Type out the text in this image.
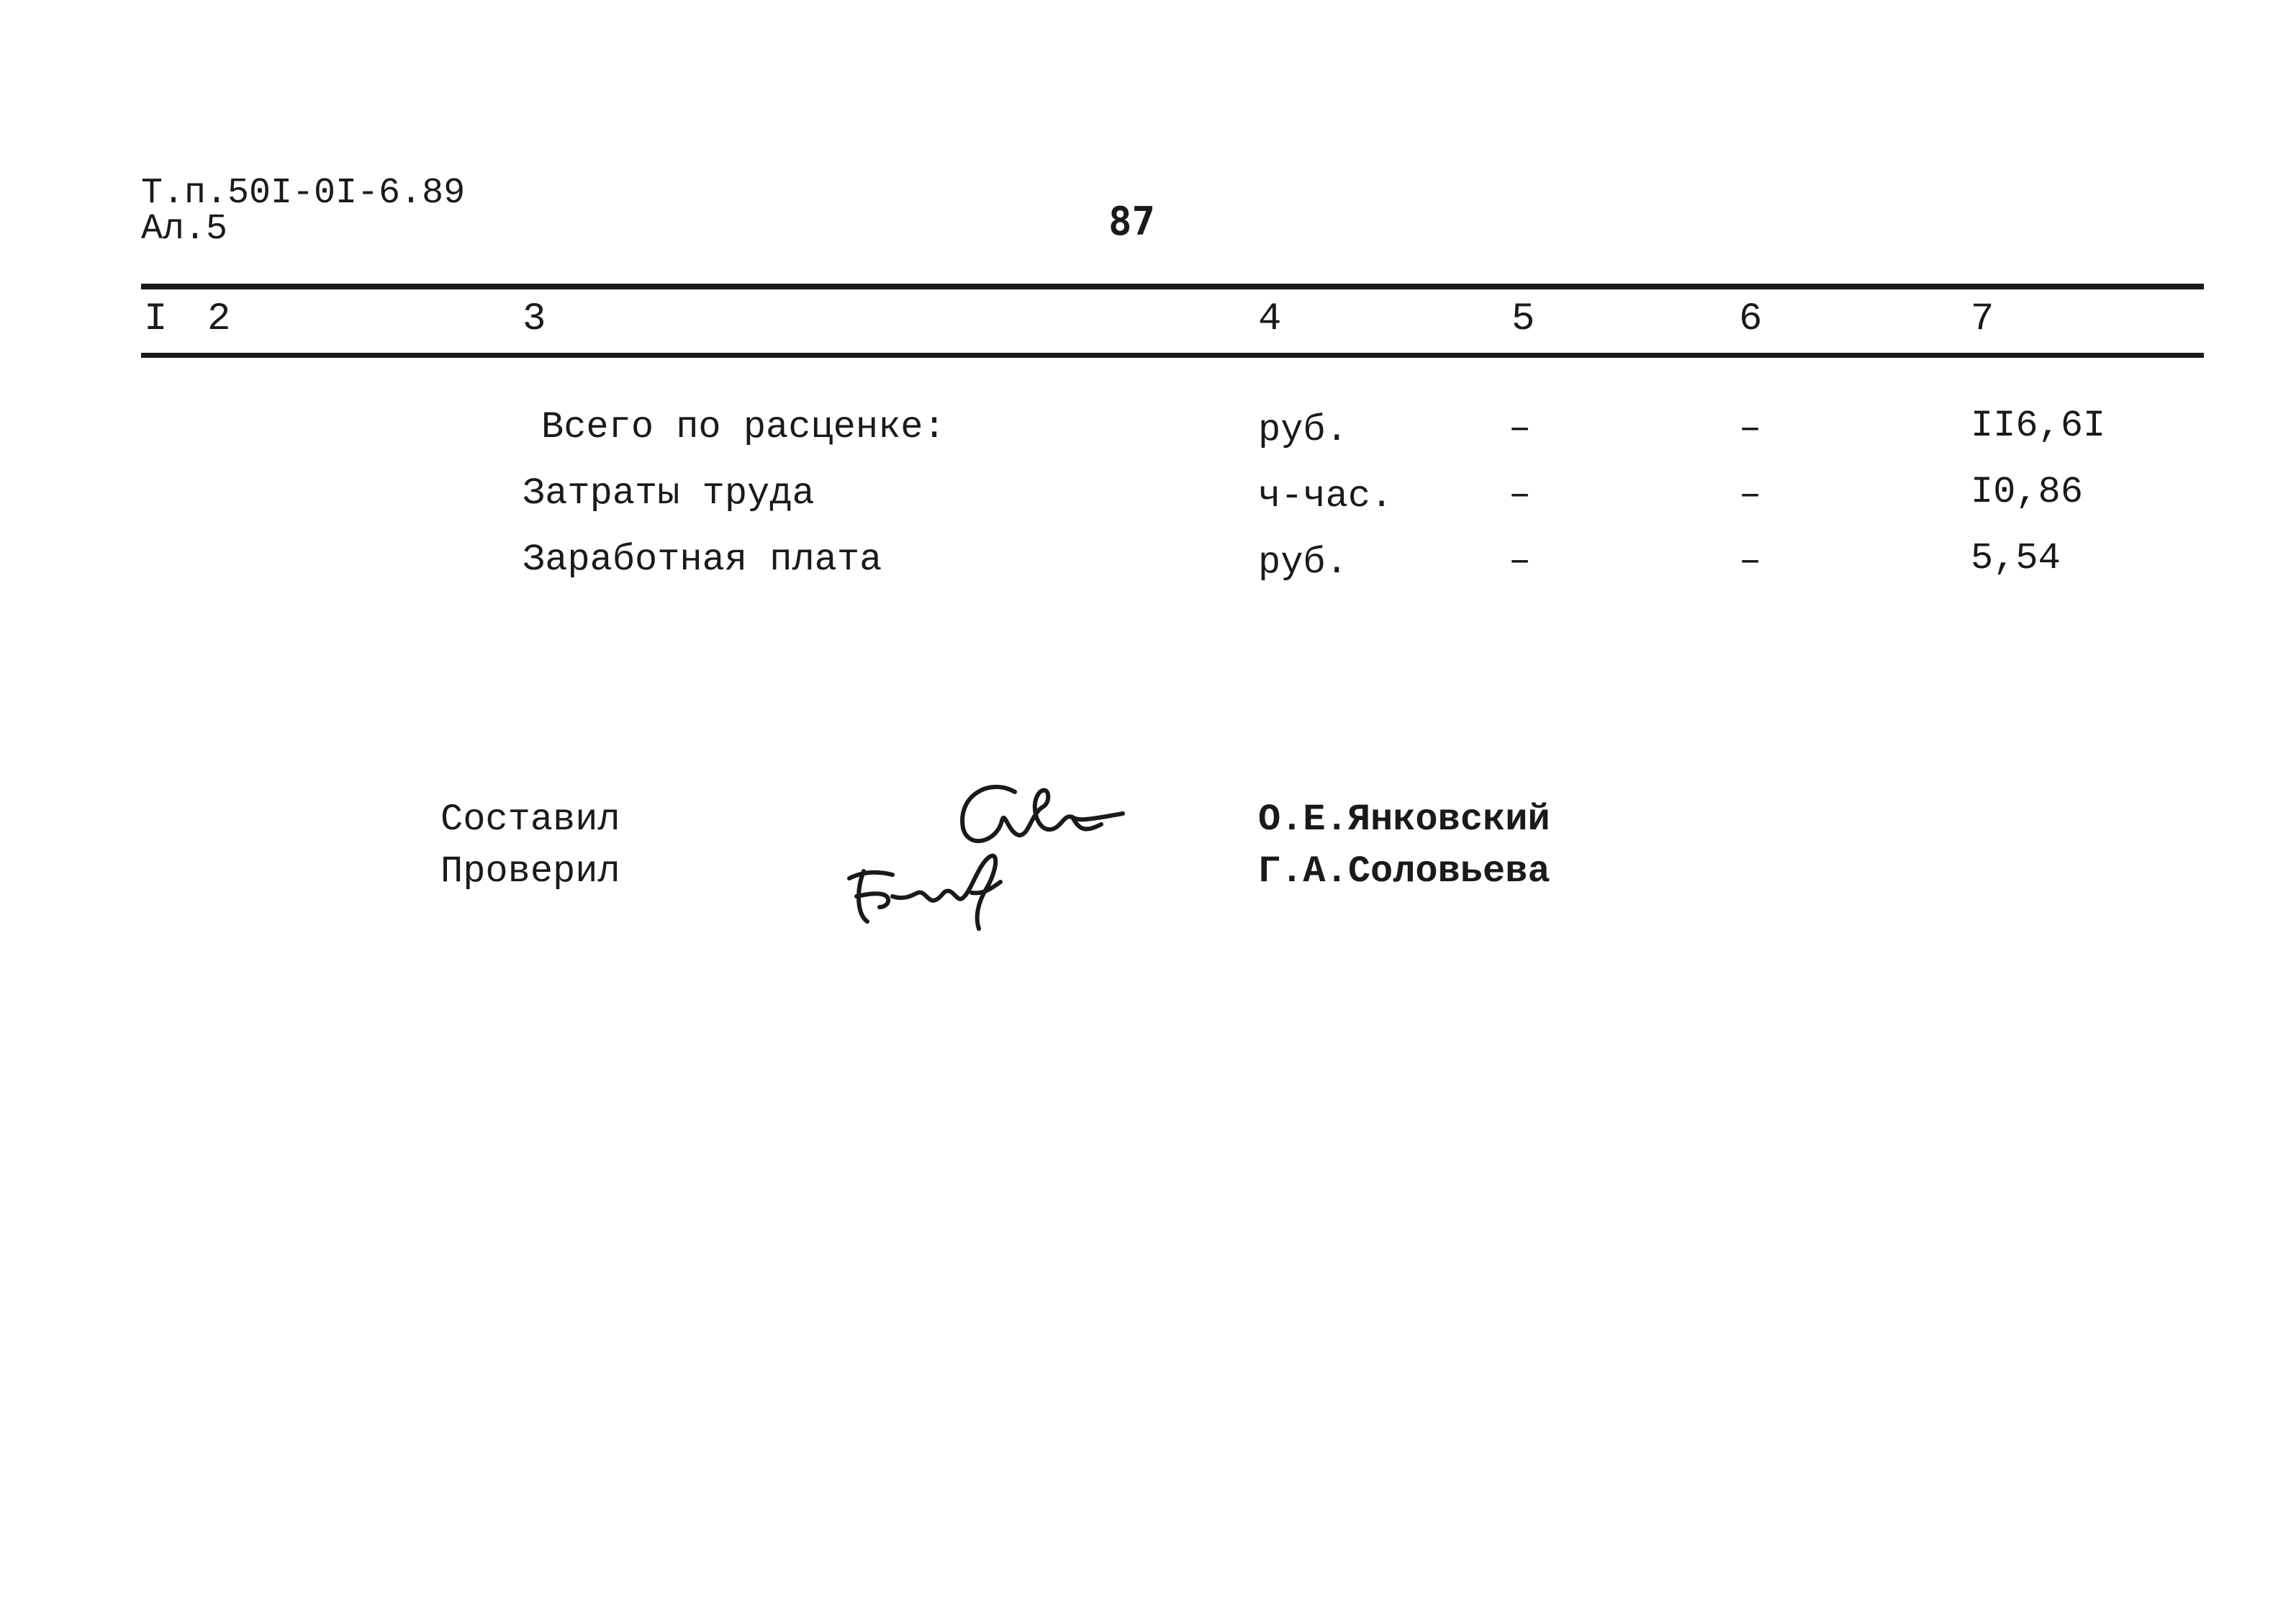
Т.п.50I-0I-6.89
Ал.5	87
I 2	3	4	5	6	7
Всего по расценке:	руб.	–	–	II6,6I
Затраты труда	ч-час.	–	–	I0,86
Заработная плата	руб.	–	–	5,54
Составил
Проверил
О.Е.Янковский
Г.А.Соловьева
